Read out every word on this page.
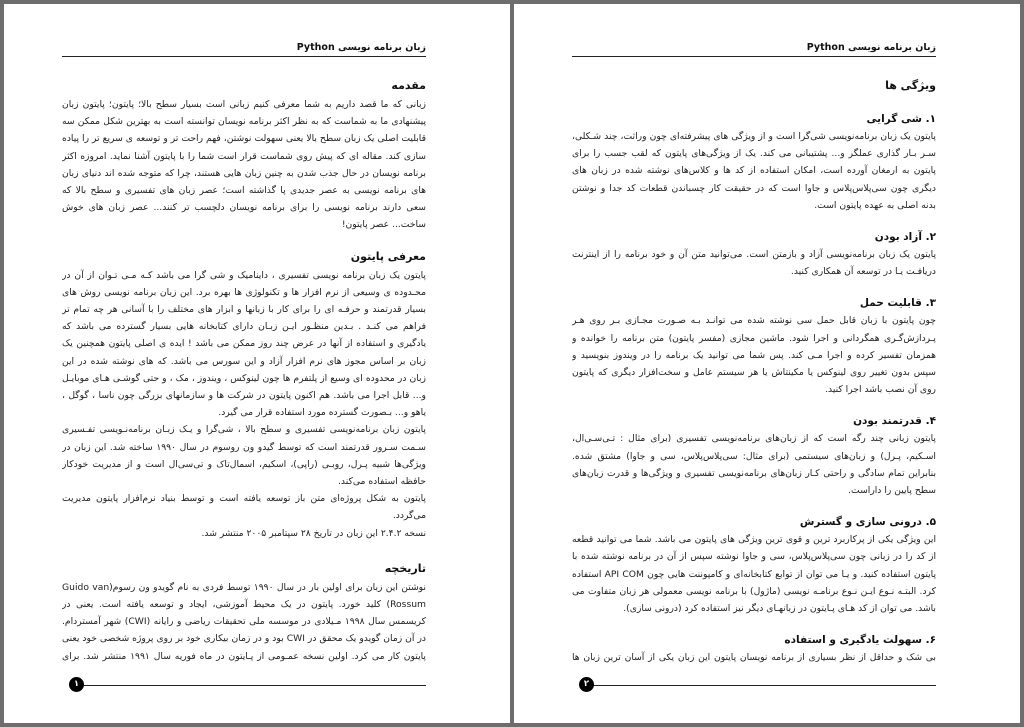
زبان برنامه نویسی Python
مقدمه

زبانی که ما قصد داریم به شما معرفی کنیم زبانی است بسیار سطح بالا؛ پایتون؛ پایتون زبان پیشنهادی ما به شماست که به نظر اکثر برنامه نویسان توانسته است به بهترین شکل ممکن سه قابلیت اصلی یک زبان سطح بالا یعنی سهولت نوشتن، فهم راحت تر و توسعه ی سریع تر را پیاده سازی کند. مقاله ای که پیش روی شماست قرار است شما را با پایتون آشنا نماید. امروزه اکثر برنامه نویسان در حال جذب شدن به چنین زبان هایی هستند، چرا که متوجه شده اند دنیای زبان های برنامه نویسی به عصر جدیدی پا گذاشته است؛ عصر زبان های تفسیری و سطح بالا که سعی دارند برنامه نویسی را برای برنامه نویسان دلچسب تر کنند... عصر زبان های خوش ساخت... عصر پایتون!

معرفی پایتون

پایتون یک زبان برنامه نویسی تفسیری ، داینامیک و شی گرا می باشد کـه مـی تـوان از آن در محـدوده ی وسیعی از نرم افزار ها و تکنولوژی ها بهره برد. این زبان برنامه نویسی روش های بسیار قدرتمند و حرفـه ای را برای کار با زبانها و ابزار های مختلف را با آسانی هر چه تمام تر فراهم می کنـد . بـدین منظـور ایـن زبـان دارای کتابخانه هایی بسیار گسترده می باشد که یادگیری و استفاده از آنها در عرض چند روز ممکن می باشد ! ایده ی اصلی پایتون همچنین یک زبان بر اساس مجوز های نرم افزار آزاد و این سورس می باشد. که های نوشته شده در این زبان در محدوده ای وسیع از پلتفرم ها چون لینوکس ، ویندوز ، مک ، و حتی گوشـی هـای موبایـل و... قابل اجرا می باشد. هم اکنون پایتون در شرکت ها و سازمانهای بزرگی چون ناسا ، گوگل ، یاهو و... بـصورت گسترده مورد استفاده قرار می گیرد.

پایتون زبان برنامه‌نویسی تفسیری و سطح بالا ، شی‌گرا و یـک زبـان برنامه‌نـویسی تفـسیری سـمت سـرور قدرتمند است که توسط گیدو ون روسوم در سال ۱۹۹۰ ساخته شد. این زبان در ویژگی‌ها شبیه پـرل، روبـی (راپی)، اسکیم، اسمال‌تاک و تی‌سی‌ال است و از مدیریت خودکار حافظه استفاده می‌کند.

پایتون به شکل پروژه‌ای متن باز توسعه یافته است و توسط بنیاد نرم‌افزار پایتون مدیریت می‌گردد.

نسخه ۲.۴.۲ این زبان در تاریخ ۲۸ سپتامبر ۲۰۰۵ منتشر شد.

تاریخچه

نوشتن این زبان برای اولین بار در سال ۱۹۹۰ توسط فردی به نام گویدو ون رسوم(Guido van Rossum) کلید خورد. پایتون در یک محیط آموزشی، ایجاد و توسعه یافته است. یعنی در کریسمس سال ۱۹۹۸ مـیلادی در موسسه ملی تحقیقات ریاضی و رایانه (CWI) شهر آمستردام. در آن زمان گویدو یک محقق در CWI بود و در زمان بیکاری خود بر روی پروژه شخصی خود یعنی پایتون کار می کرد. اولین نسخه عمـومی از پـایتون در ماه فوریه سال ۱۹۹۱ منتشر شد. برای

۱
زبان برنامه نویسی Python
ویژگی ها
۱. شی گرایی

پایتون یک زبان برنامه‌نویسی شی‌گرا است و از ویژگی های پیشرفته‌ای چون وراثت، چند شـکلی، سـر بـار گذاری عملگر و... پشتیبانی می کند. یک از ویژگی‌های پایتون که لقب جسب را برای پایتون به ارمغان آورده است، امکان استفاده از کد ها و کلاس‌های نوشته شده در زبان های دیگری چون سی‌پلاس‌پلاس و جاوا است که در حقیقت کار چسباندن قطعات کد جدا و نوشتن بدنه اصلی به عهده پایتون است.

۲. آزاد بودن

پایتون یک زبان برنامه‌نویسی آزاد و بازمتن است. می‌توانید متن آن و خود برنامه را از اینترنت دریافـت یـا در توسعه آن همکاری کنید.

۳. قابلیت حمل

چون پایتون با زبان قابل حمل سی نوشته شده می توانـد بـه صـورت مجـازی بـر روی هـر پـردازش‌گـری همگردانی و اجرا شود. ماشین مجازی (مفسر پایتون) متن برنامه را خوانده و همزمان تفسیر کرده و اجرا مـی کند. پس شما می توانید یک برنامه را در ویندوز بنویسید و سپس بدون تغییر روی لینوکس یا مکینتاش یا هر سیستم عامل و سخت‌افزار دیگری که پایتون روی آن نصب باشد اجرا کنید.

۴. قدرتمند بودن

پایتون زبانی چند رگه است که از زبان‌های برنامه‌نویسی تفسیری (برای مثال : تـی‌سـی‌ال، اسـکیم، پـرل) و زبان‌های سیستمی (برای مثال: سی‌پلاس‌پلاس، سی و جاوا) مشتق شده. بنابراین تمام سادگی و راحتی کـار زبان‌های برنامه‌نویسی تفسیری و ویژگی‌ها و قدرت زبان‌های سطح پایین را داراست.

۵. درونی سازی و گسترش

این ویژگی یکی از پرکاربرد ترین و قوی ترین ویژگی های پایتون می باشد. شما می توانید قطعه از کد را در زبانی چون سی‌پلاس‌پلاس، سی و جاوا نوشته سپس از آن در برنامه نوشته شده با پایتون استفاده کنید. و یـا می توان از توابع کتابخانه‌ای و کامپوننت هایی چون API COM استفاده کرد. البتـه نـوع ایـن نـوع برنامـه نویسی (ماژول) با برنامه نویسی معمولی هر زبان متفاوت می باشد. می توان از کد هـای پـایتون در زبانهـای دیگر نیز استفاده کرد (درونی سازی).

۶. سهولت یادگیری و استفاده

بی شک و حداقل از نظر بسیاری از برنامه نویسان پایتون این زبان یکی از آسان ترین زبان ها

۲
